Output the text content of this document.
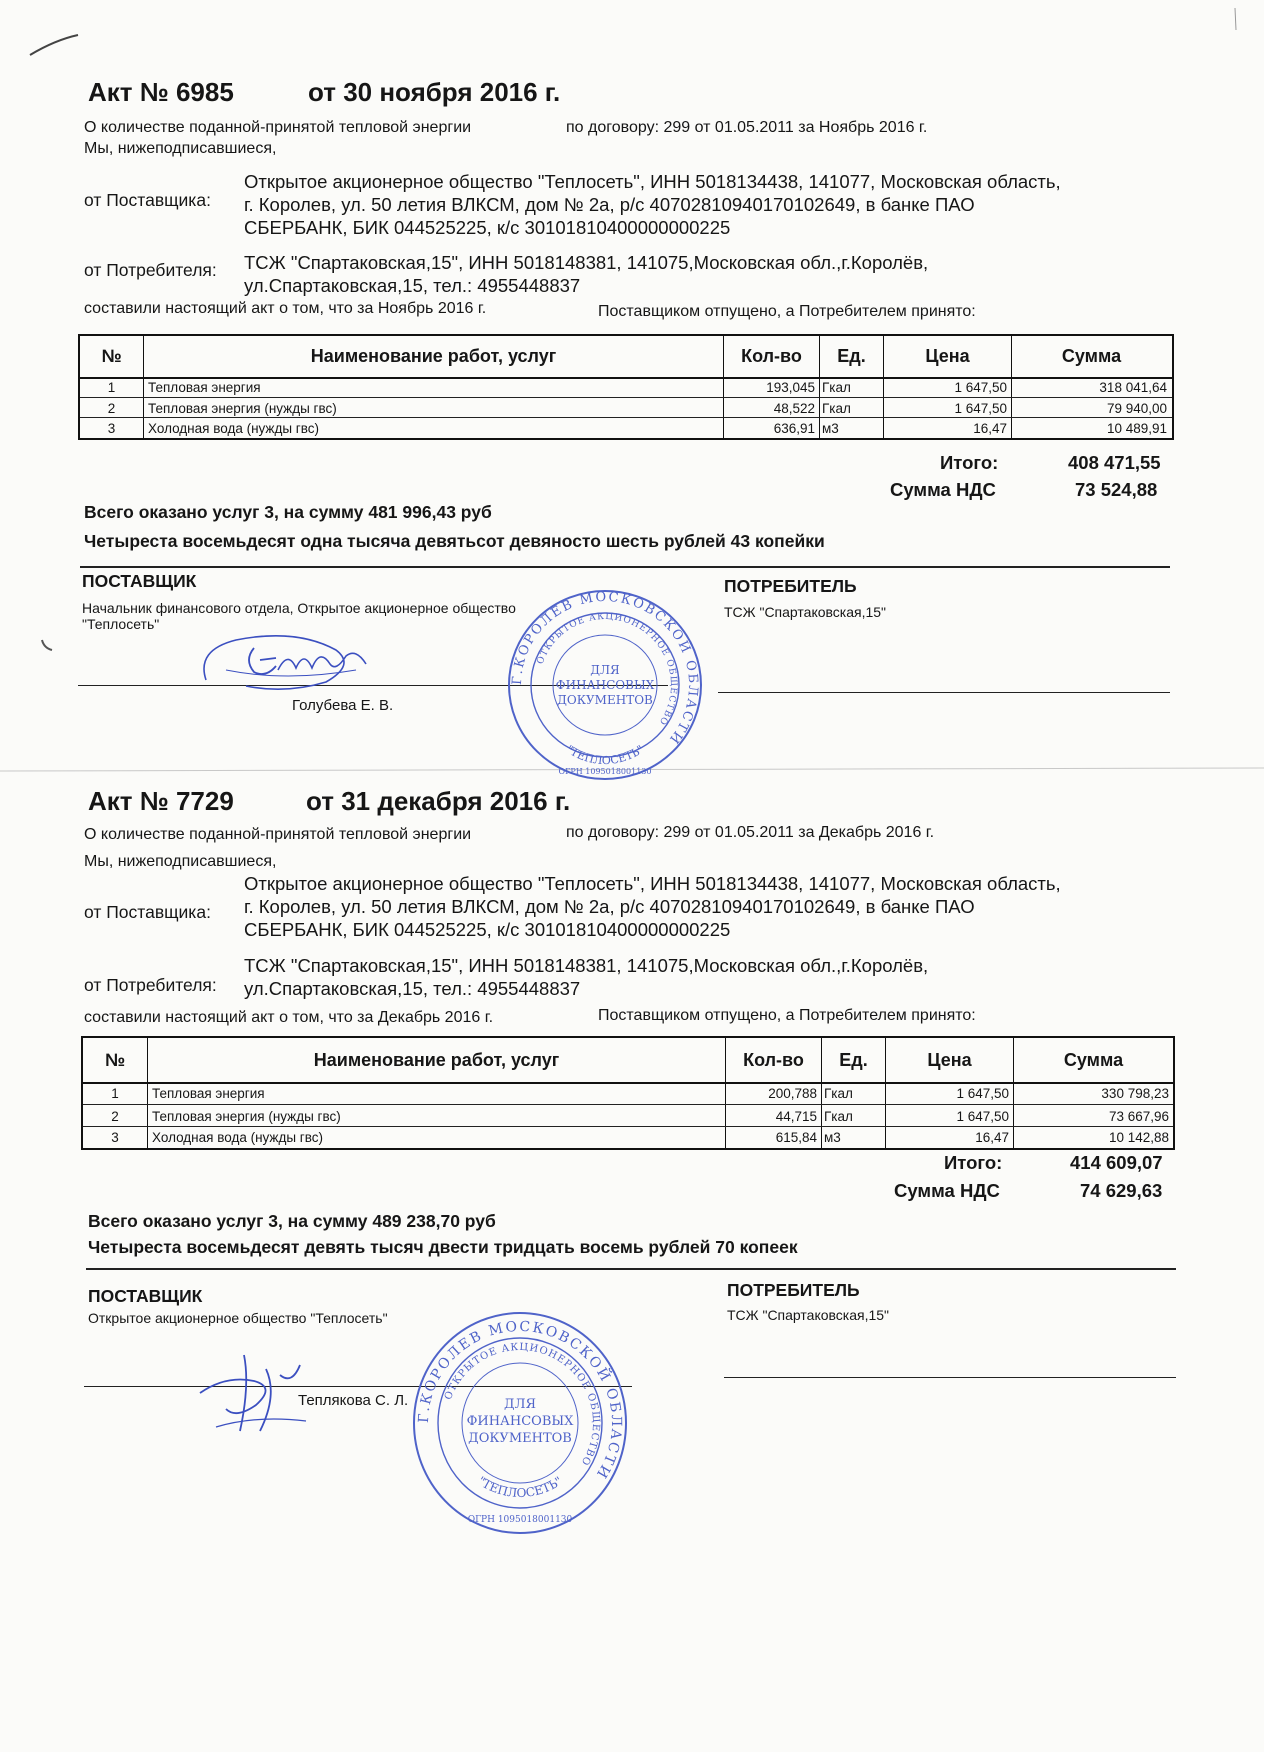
Акт № 6985	от 30 ноября 2016 г.
О количестве поданной-принятой тепловой энергии	по договору: 299 от 01.05.2011 за Ноябрь 2016 г.
Мы, нижеподписавшиеся,
от Поставщика:
Открытое акционерное общество "Теплосеть", ИНН 5018134438, 141077, Московская область,
г. Королев, ул. 50 летия ВЛКСМ, дом № 2а, р/с 40702810940170102649, в банке ПАО
СБЕРБАНК, БИК 044525225, к/с 30101810400000000225
от Потребителя: ТСЖ "Спартаковская,15", ИНН 5018148381, 141075,Московская обл.,г.Королёв,
ул.Спартаковская,15, тел.: 4955448837
составили настоящий акт о том, что за Ноябрь 2016 г.	Поставщиком отпущено, а Потребителем принято:
№	Наименование работ, услуг	Кол-во	Ед.	Цена	Сумма
1	Тепловая энергия	193,045 Гкал	1 647,50	318 041,64
2	Тепловая энергия (нужды гвс)	48,522 Гкал	1 647,50	79 940,00
3	Холодная вода (нужды гвс)	636,91 м3	16,47	10 489,91
Итого:	408 471,55
Сумма НДС	73 524,88
Всего оказано услуг 3, на сумму 481 996,43 руб
Четыреста восемьдесят одна тысяча девятьсот девяносто шесть рублей 43 копейки
ПОСТАВЩИК
Начальник финансового отдела, Открытое акционерное общество
"Теплосеть"
Голубева Е. В.
ПОТРЕБИТЕЛЬ
ТСЖ "Спартаковская,15"
Г.КОРОЛЕВ МОСКОВСКОЙ ОБЛАСТИ
ОТКРЫТОЕ АКЦИОНЕРНОЕ ОБЩЕСТВО
"ТЕПЛОСЕТЬ"
ДЛЯ
ФИНАНСОВЫХ
ДОКУМЕНТОВ
ОГРН 1095018001130
Акт № 7729	от 31 декабря 2016 г.
О количестве поданной-принятой тепловой энергии	по договору: 299 от 01.05.2011 за Декабрь 2016 г.
Мы, нижеподписавшиеся,
от Поставщика:
Открытое акционерное общество "Теплосеть", ИНН 5018134438, 141077, Московская область,
г. Королев, ул. 50 летия ВЛКСМ, дом № 2а, р/с 40702810940170102649, в банке ПАО
СБЕРБАНК, БИК 044525225, к/с 30101810400000000225
от Потребителя:
ТСЖ "Спартаковская,15", ИНН 5018148381, 141075,Московская обл.,г.Королёв,
ул.Спартаковская,15, тел.: 4955448837
составили настоящий акт о том, что за Декабрь 2016 г.	Поставщиком отпущено, а Потребителем принято:
№	Наименование работ, услуг	Кол-во	Ед.	Цена	Сумма
1	Тепловая энергия	200,788 Гкал	1 647,50	330 798,23
2	Тепловая энергия (нужды гвс)	44,715 Гкал	1 647,50	73 667,96
3	Холодная вода (нужды гвс)	615,84 м3	16,47	10 142,88
Итого:	414 609,07
Сумма НДС	74 629,63
Всего оказано услуг 3, на сумму 489 238,70 руб
Четыреста восемьдесят девять тысяч двести тридцать восемь рублей 70 копеек
ПОСТАВЩИК
Открытое акционерное общество "Теплосеть"
Теплякова С. Л.
ПОТРЕБИТЕЛЬ
ТСЖ "Спартаковская,15"
Г.КОРОЛЕВ МОСКОВСКОЙ ОБЛАСТИ
ОТКРЫТОЕ АКЦИОНЕРНОЕ ОБЩЕСТВО
"ТЕПЛОСЕТЬ"
ДЛЯ
ФИНАНСОВЫХ
ДОКУМЕНТОВ
ОГРН 1095018001130
